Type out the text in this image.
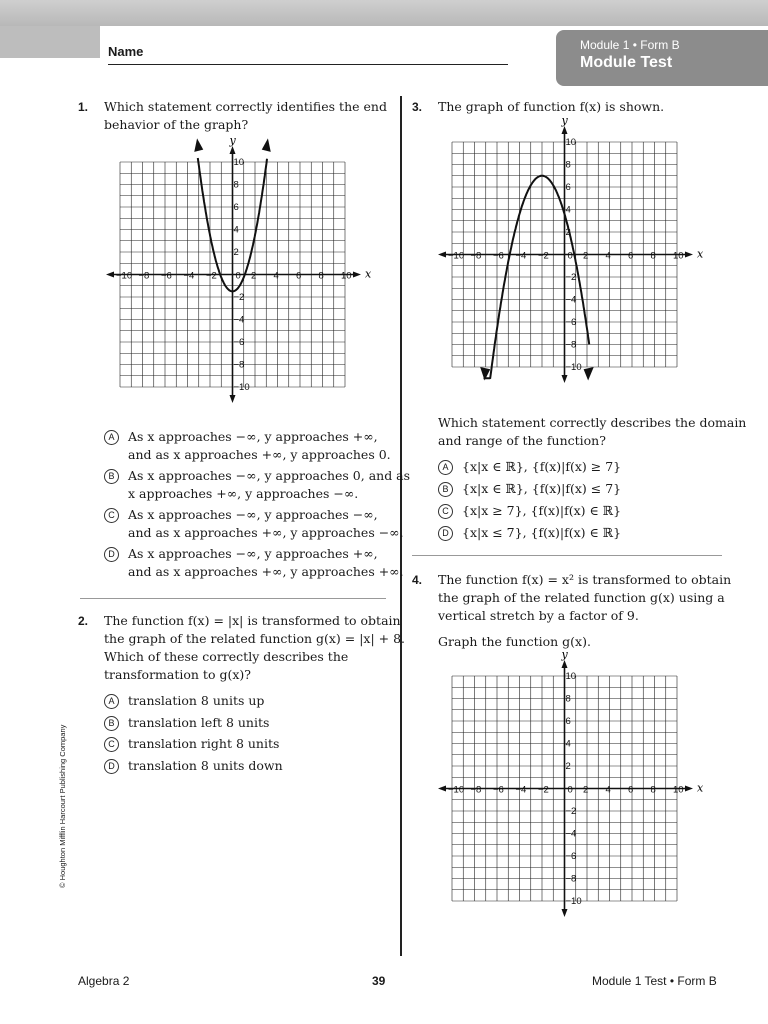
Module 1 • Form B
Module Test
Name
1. Which statement correctly identifies the end
behavior of the graph?
x
y
−10
−10
−8
−8
−6
−6
−4
−4
−2
−2
0 2
2
4
4
6
6
8
8
10
10
A	As x approaches −∞, y approaches +∞,
and as x approaches +∞, y approaches 0.
B	As x approaches −∞, y approaches 0, and as
x approaches +∞, y approaches −∞.
C	As x approaches −∞, y approaches −∞,
and as x approaches +∞, y approaches −∞.
D	As x approaches −∞, y approaches +∞,
and as x approaches +∞, y approaches +∞.
2. The function f(x) = |x| is transformed to obtain
the graph of the related function g(x) = |x| + 8.
Which of these correctly describes the
transformation to g(x)?
A	translation 8 units up
B	translation left 8 units
C	translation right 8 units
D	translation 8 units down
3. The graph of function f(x) is shown.
x
y
−10
−10
−8
−8
−6
−6
−4
−4
−2
−2
0 2
2
4
4
6
6
8
8
10
10
Which statement correctly describes the domain
and range of the function?
A	{x|x ∈ ℝ}, {f(x)|f(x) ≥ 7}
B	{x|x ∈ ℝ}, {f(x)|f(x) ≤ 7}
C	{x|x ≥ 7}, {f(x)|f(x) ∈ ℝ}
D	{x|x ≤ 7}, {f(x)|f(x) ∈ ℝ}
4. The function f(x) = x² is transformed to obtain
the graph of the related function g(x) using a
vertical stretch by a factor of 9.
Graph the function g(x).
x
y
−10
−10
−8
−8
−6
−6
−4
−4
−2
−2
0 2
2
4
4
6
6
8
8
10
10
© Houghton Mifflin Harcourt Publishing Company
Algebra 2	39	Module 1 Test • Form B
